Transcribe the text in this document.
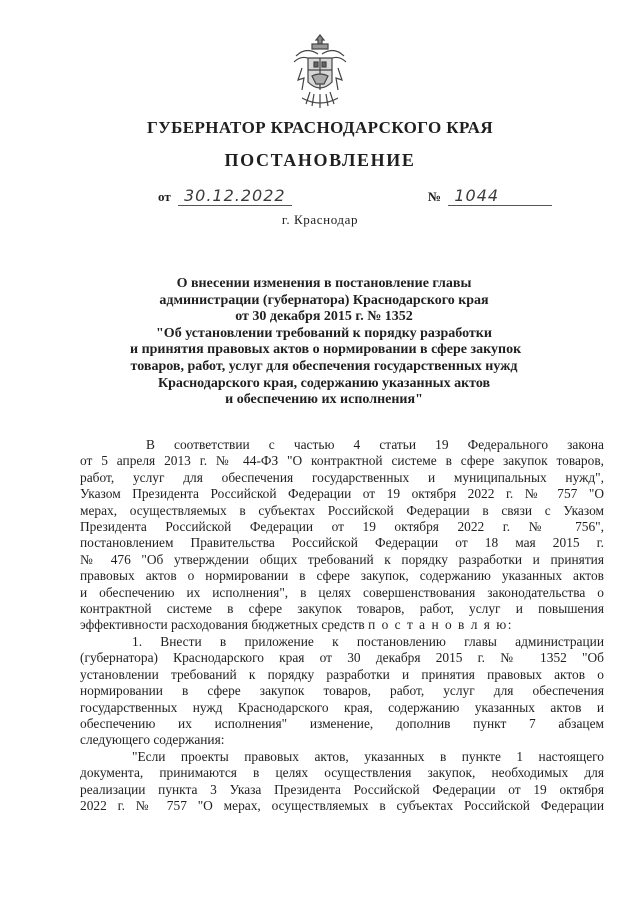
ГУБЕРНАТОР КРАСНОДАРСКОГО КРАЯ
ПОСТАНОВЛЕНИЕ
от 30.12.2022	№ 1044
г. Краснодар
О внесении изменения в постановление главы
администрации (губернатора) Краснодарского края
от 30 декабря 2015 г. № 1352
"Об установлении требований к порядку разработки
и принятия правовых актов о нормировании в сфере закупок
товаров, работ, услуг для обеспечения государственных нужд
Краснодарского края, содержанию указанных актов
и обеспечению их исполнения"
В соответствии с частью 4 статьи 19 Федерального закона
от 5 апреля 2013 г. № 44-ФЗ "О контрактной системе в сфере закупок товаров,
работ, услуг для обеспечения государственных и муниципальных нужд",
Указом Президента Российской Федерации от 19 октября 2022 г. № 757 "О
мерах, осуществляемых в субъектах Российской Федерации в связи с Указом
Президента Российской Федерации от 19 октября 2022 г. № 756",
постановлением Правительства Российской Федерации от 18 мая 2015 г.
№ 476 "Об утверждении общих требований к порядку разработки и принятия
правовых актов о нормировании в сфере закупок, содержанию указанных актов
и обеспечению их исполнения", в целях совершенствования законодательства о
контрактной системе в сфере закупок товаров, работ, услуг и повышения
эффективности расходования бюджетных средств п о с т а н о в л я ю:
1. Внести в приложение к постановлению главы администрации
(губернатора) Краснодарского края от 30 декабря 2015 г. № 1352 "Об
установлении требований к порядку разработки и принятия правовых актов о
нормировании в сфере закупок товаров, работ, услуг для обеспечения
государственных нужд Краснодарского края, содержанию указанных актов и
обеспечению их исполнения" изменение, дополнив пункт 7 абзацем
следующего содержания:
"Если проекты правовых актов, указанных в пункте 1 настоящего
документа, принимаются в целях осуществления закупок, необходимых для
реализации пункта 3 Указа Президента Российской Федерации от 19 октября
2022 г. № 757 "О мерах, осуществляемых в субъектах Российской Федерации
